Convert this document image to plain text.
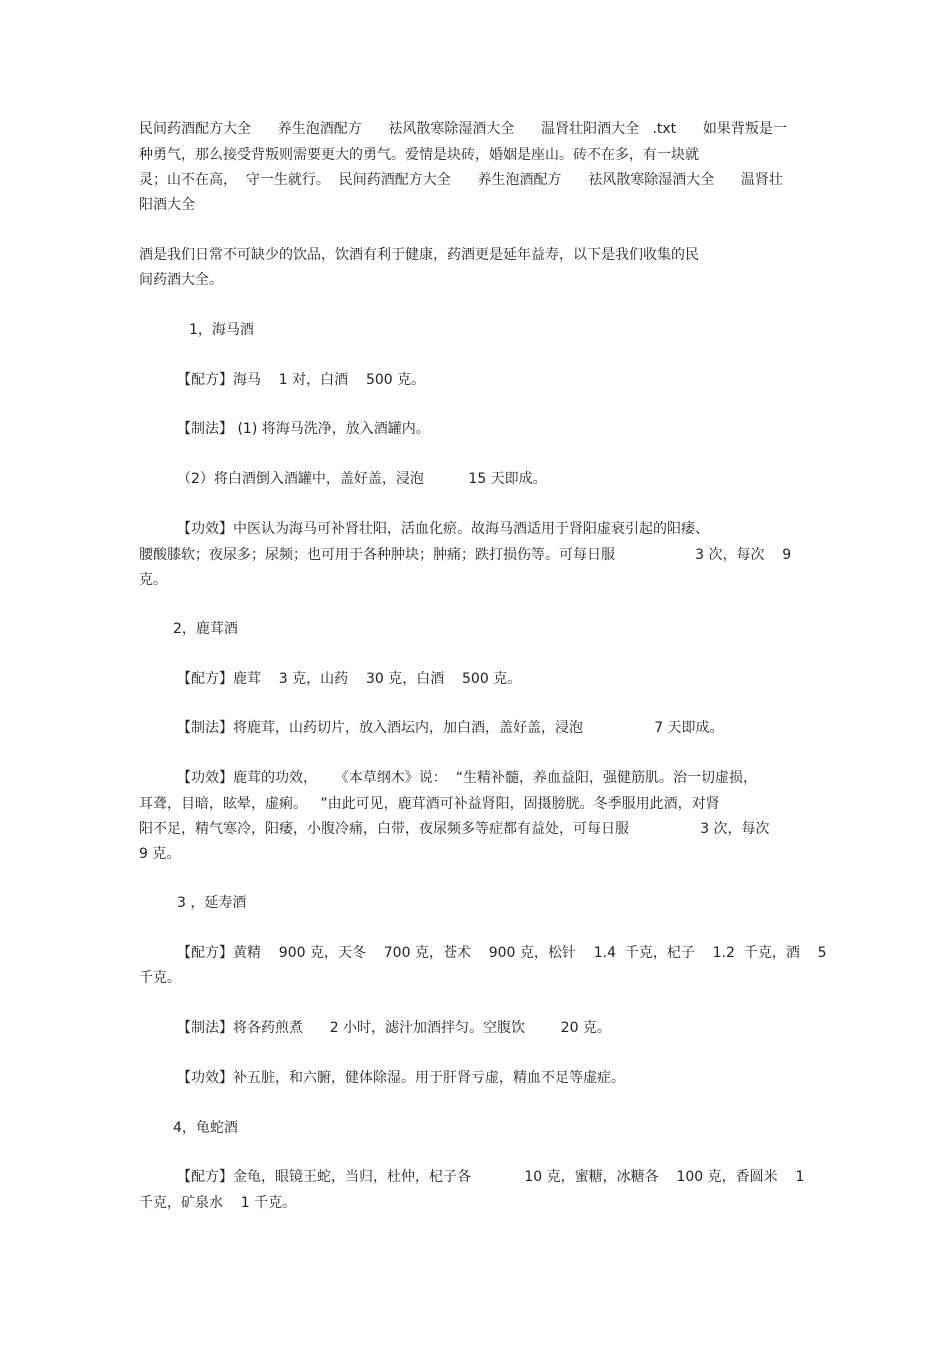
民间药酒配方大全      养生泡酒配方      祛风散寒除湿酒大全      温肾壮阳酒大全   .txt      如果背叛是一
种勇气，那么接受背叛则需要更大的勇气。爱情是块砖，婚姻是座山。砖不在多，有一块就
灵；山不在高，  守一生就行。  民间药酒配方大全      养生泡酒配方      祛风散寒除湿酒大全      温肾壮
阳酒大全
酒是我们日常不可缺少的饮品，饮酒有利于健康，药酒更是延年益寿，以下是我们收集的民
间药酒大全。
1，海马酒
【配方】海马    1 对，白酒    500 克。
【制法】 (1) 将海马洗净，放入酒罐内。
（2）将白酒倒入酒罐中，盖好盖，浸泡          15 天即成。
【功效】中医认为海马可补肾壮阳，活血化瘀。故海马酒适用于肾阳虚衰引起的阳痿、
腰酸膝软；夜尿多；尿频；也可用于各种肿块；肿痛；跌打损伤等。可每日服                  3 次，每次    9
克。
2，鹿茸酒
【配方】鹿茸    3 克，山药    30 克，白酒    500 克。
【制法】将鹿茸，山药切片，放入酒坛内，加白酒，盖好盖，浸泡                7 天即成。
【功效】鹿茸的功效，    《本草纲木》说：  “生精补髓，养血益阳，强健筋肌。治一切虚损，
耳聋，目暗，眩晕，虚痢。   ”由此可见，鹿茸酒可补益肾阳，固摄膀胱。冬季服用此酒，对肾
阳不足，精气寒冷，阳痿，小腹冷痛，白带，夜尿频多等症都有益处，可每日服                3 次，每次
9 克。
3 ，延寿酒
【配方】黄精    900 克，天冬    700 克，苍术    900 克，松针    1.4  千克，杞子    1.2  千克，酒    5
千克。
【制法】将各药煎煮      2 小时，滤汁加酒拌匀。空腹饮        20 克。
【功效】补五脏，和六腑，健体除湿。用于肝肾亏虚，精血不足等虚症。
4，龟蛇酒
【配方】金龟，眼镜王蛇，当归，杜仲，杞子各            10 克，蜜糖，冰糖各    100 克，香圆米    1
千克，矿泉水    1 千克。
